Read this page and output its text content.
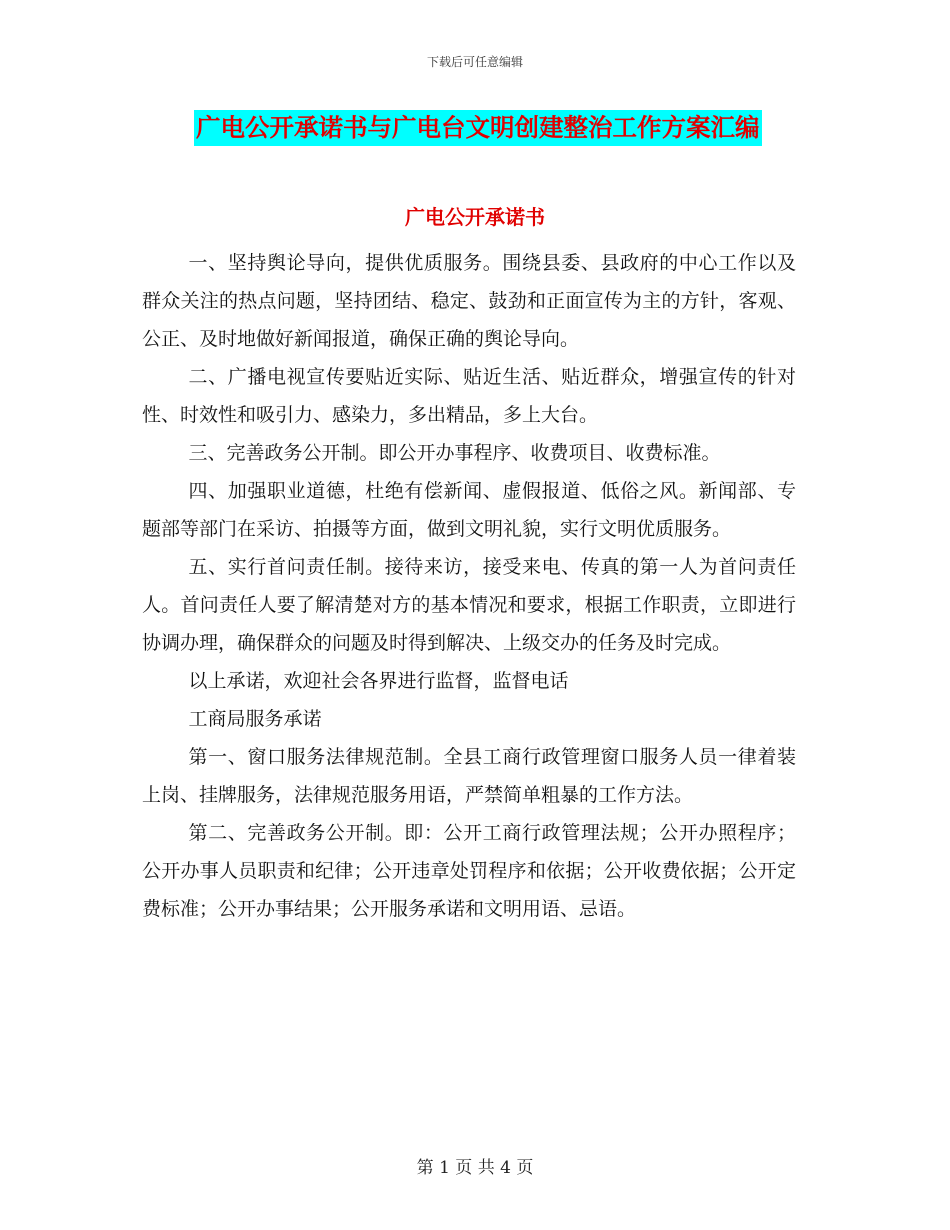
下载后可任意编辑
广电公开承诺书与广电台文明创建整治工作方案汇编
广电公开承诺书

一、坚持舆论导向，提供优质服务。围绕县委、县政府的中心工作以及群众关注的热点问题，坚持团结、稳定、鼓劲和正面宣传为主的方针，客观、公正、及时地做好新闻报道，确保正确的舆论导向。

二、广播电视宣传要贴近实际、贴近生活、贴近群众，增强宣传的针对性、时效性和吸引力、感染力，多出精品，多上大台。

三、完善政务公开制。即公开办事程序、收费项目、收费标准。

四、加强职业道德，杜绝有偿新闻、虚假报道、低俗之风。新闻部、专题部等部门在采访、拍摄等方面，做到文明礼貌，实行文明优质服务。

五、实行首问责任制。接待来访，接受来电、传真的第一人为首问责任人。首问责任人要了解清楚对方的基本情况和要求，根据工作职责，立即进行协调办理，确保群众的问题及时得到解决、上级交办的任务及时完成。

以上承诺，欢迎社会各界进行监督，监督电话

工商局服务承诺

第一、窗口服务法律规范制。全县工商行政管理窗口服务人员一律着装上岗、挂牌服务，法律规范服务用语，严禁简单粗暴的工作方法。

第二、完善政务公开制。即：公开工商行政管理法规；公开办照程序；公开办事人员职责和纪律；公开违章处罚程序和依据；公开收费依据；公开定费标准；公开办事结果；公开服务承诺和文明用语、忌语。

第 1 页 共 4 页
